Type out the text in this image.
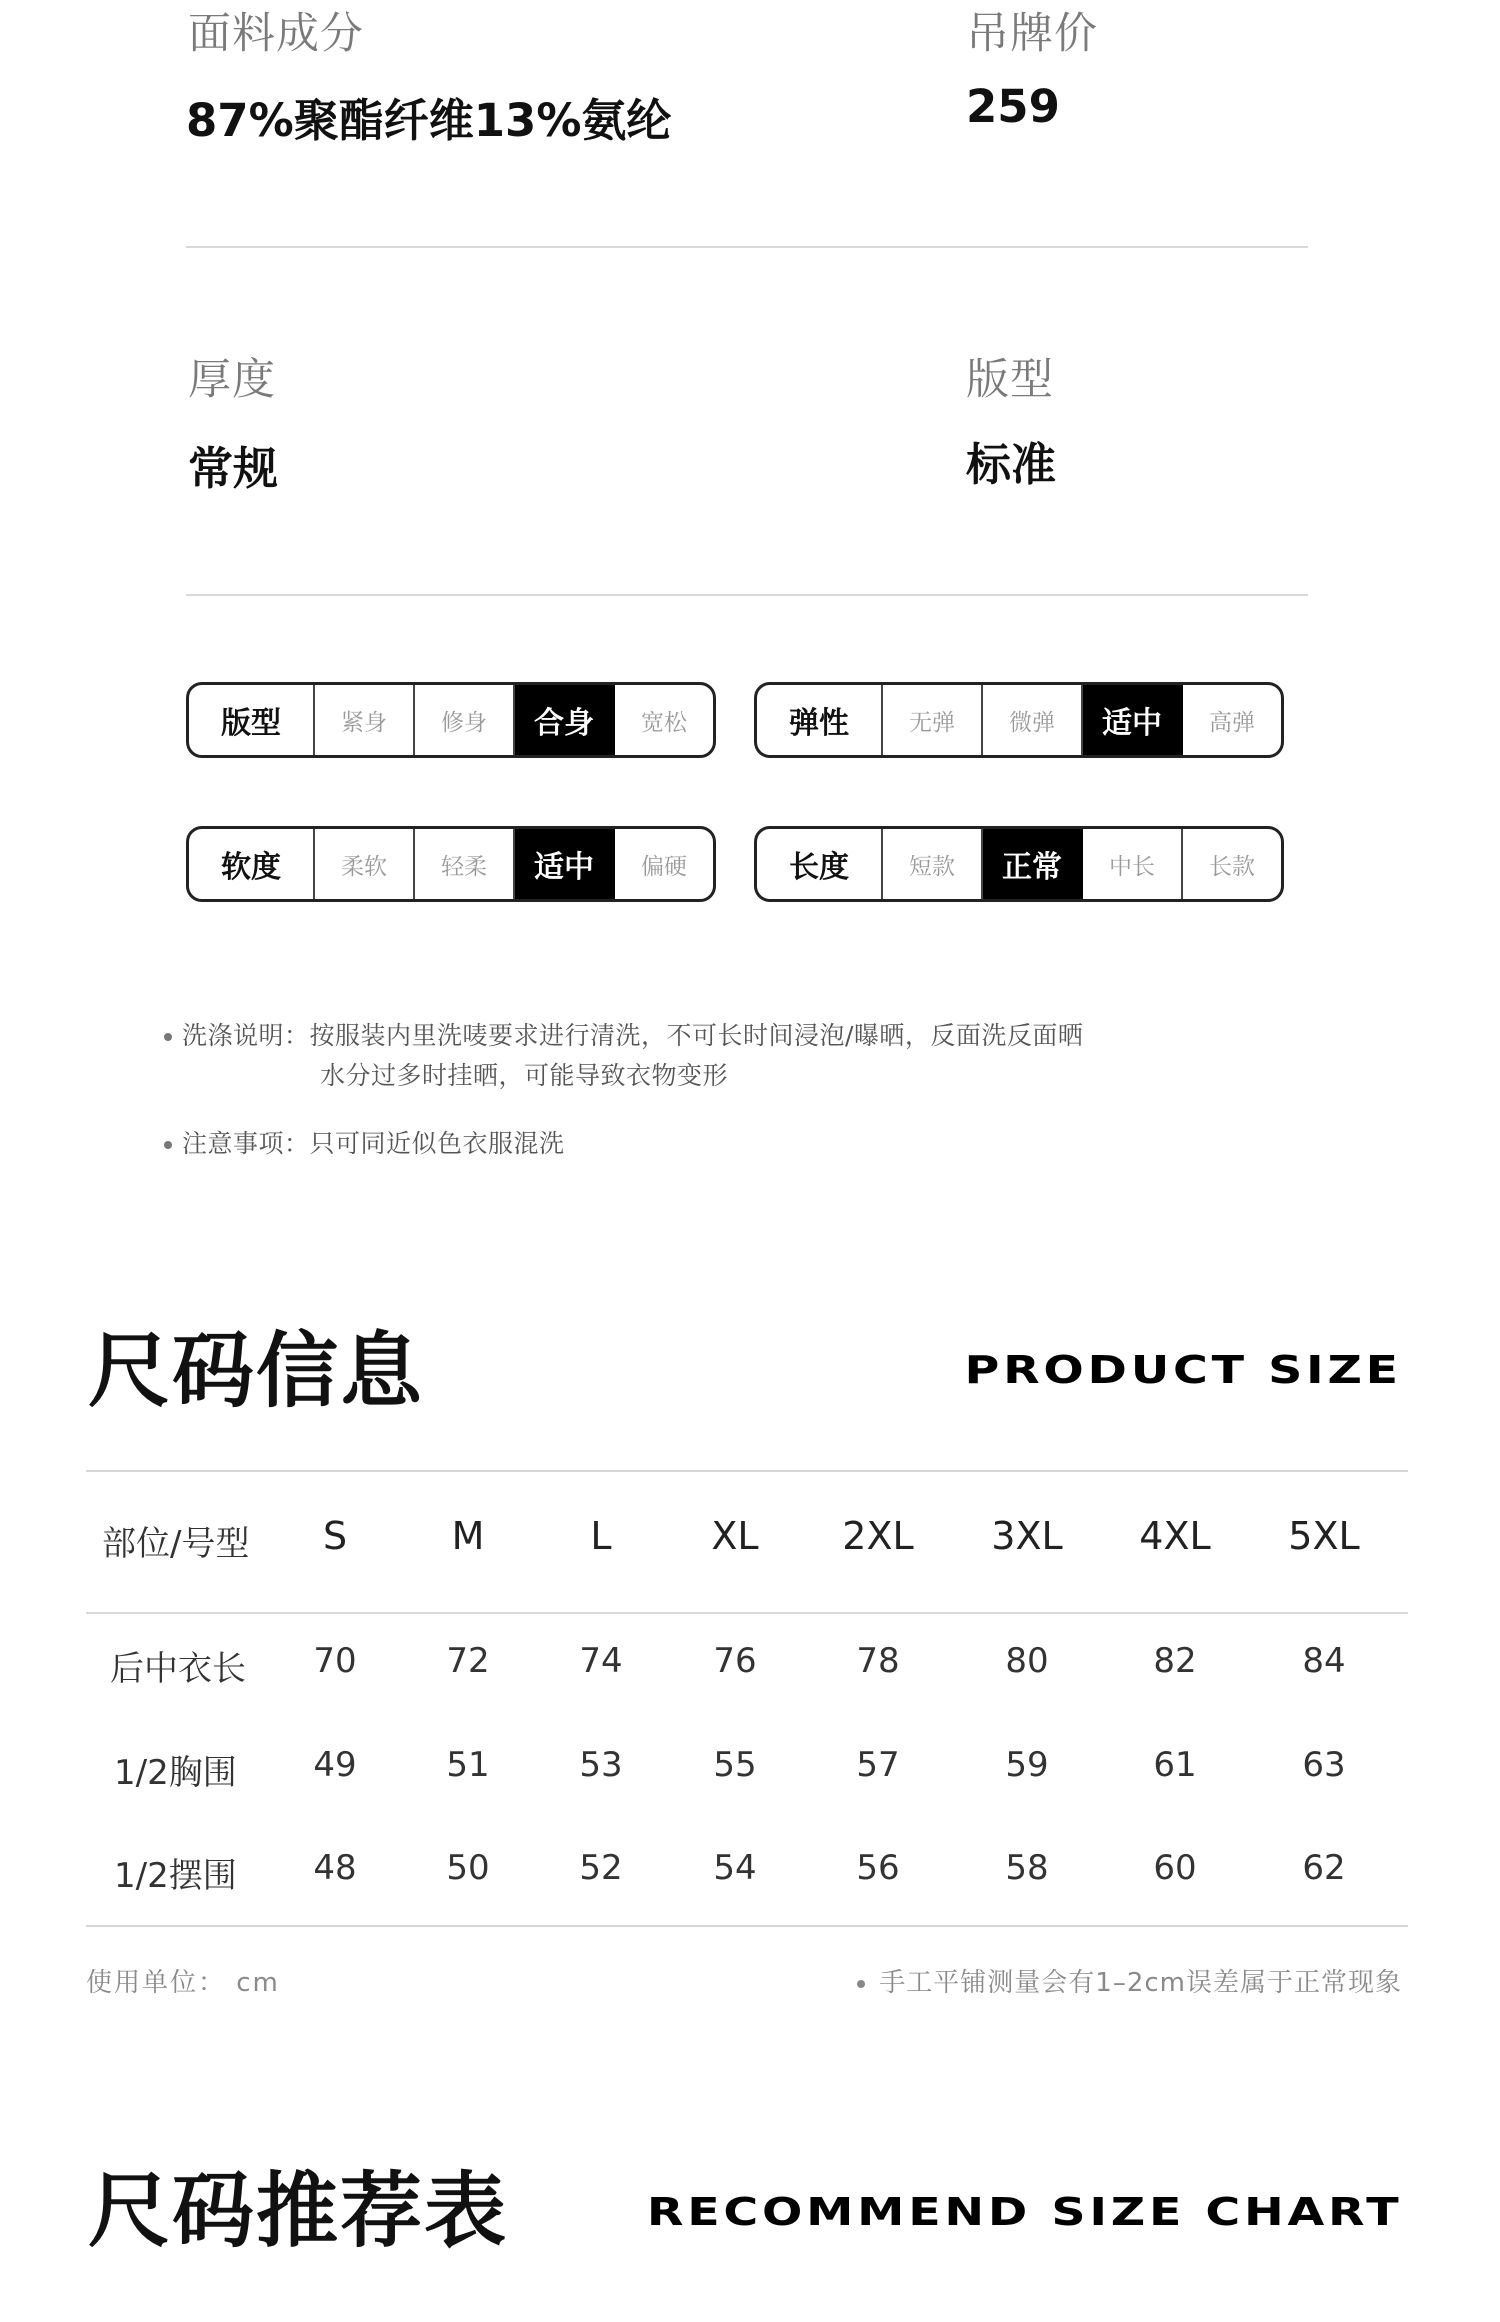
面料成分
87%聚酯纤维13%氨纶
吊牌价
259
厚度
常规
版型
标准
版型	紧身	修身	合身	宽松	弹性	无弹	微弹	适中	高弹
软度	柔软	轻柔	适中	偏硬	长度	短款	正常	中长	长款
洗涤说明：按服装内里洗唛要求进行清洗，不可长时间浸泡/曝晒，反面洗反面晒
水分过多时挂晒，可能导致衣物变形
注意事项：只可同近似色衣服混洗
尺码信息	PRODUCT SIZE
部位/号型 S	M	L	XL 2XL 3XL 4XL 5XL
后中衣长 70	72	74	76	78	80	82	84
1/2胸围 49	51	53	55	57	59	61	63
1/2摆围 48	50	52	54	56	58	60	62
使用单位： cm	手工平铺测量会有1–2cm误差属于正常现象
尺码推荐表	RECOMMEND SIZE CHART
